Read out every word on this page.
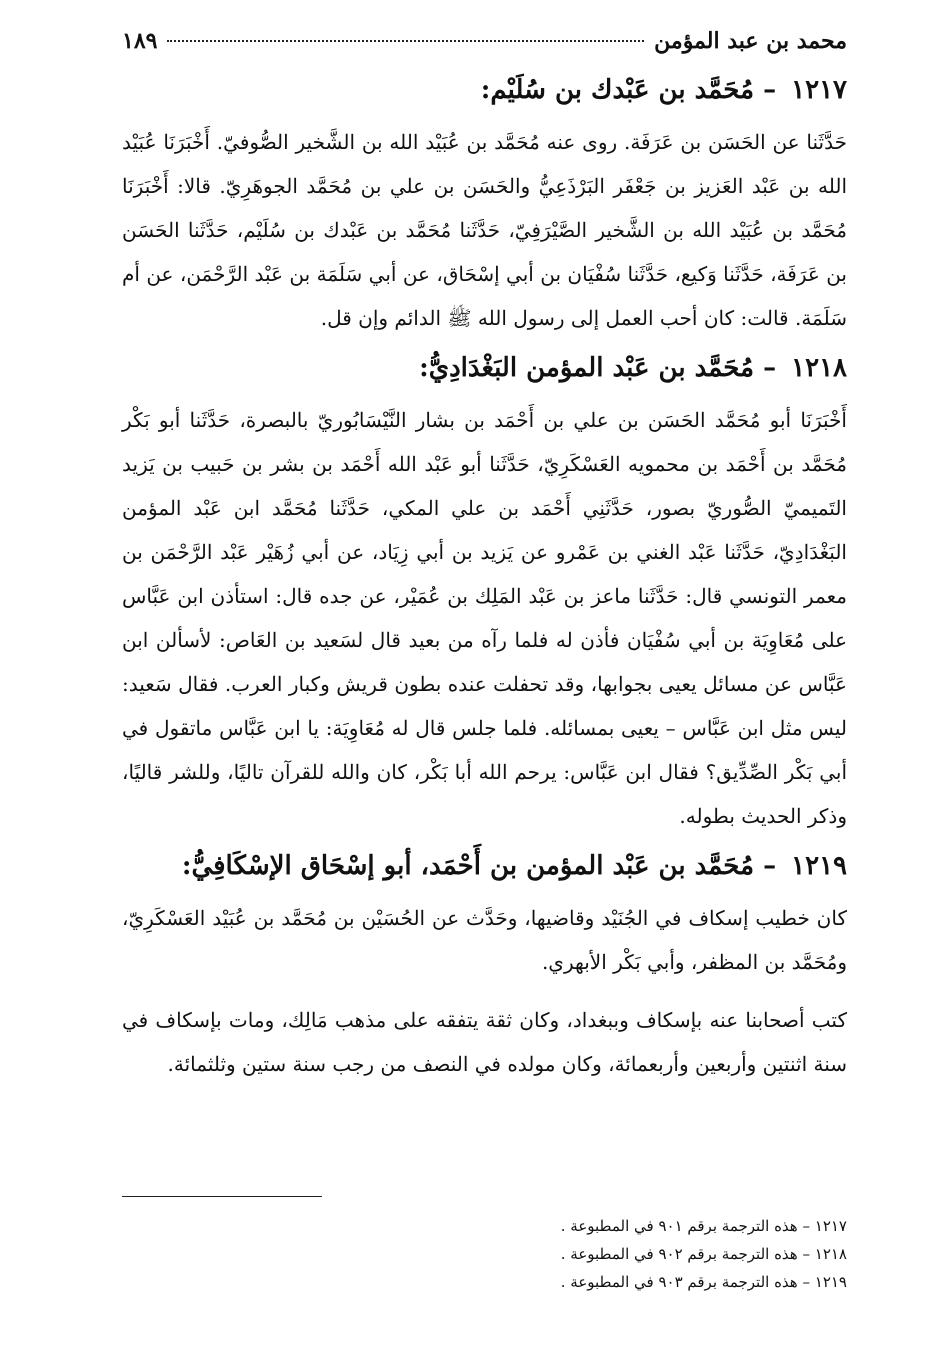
محمد بن عبد المؤمن
١٨٩
١٢١٧ – مُحَمَّد بن عَبْدك بن سُلَيْم:

حَدَّثَنا عن الحَسَن بن عَرَفَة. روى عنه مُحَمَّد بن عُبَيْد الله بن الشَّخير الصُّوفيّ. أَخْبَرَنَا عُبَيْد الله بن عَبْد العَزيز بن جَعْفَر البَرْذَعِيُّ والحَسَن بن علي بن مُحَمَّد الجوهَرِيّ. قالا: أَخْبَرَنَا مُحَمَّد بن عُبَيْد الله بن الشَّخير الصَّيْرَفِيّ، حَدَّثَنا مُحَمَّد بن عَبْدك بن سُلَيْم، حَدَّثَنا الحَسَن بن عَرَفَة، حَدَّثَنا وَكيع، حَدَّثَنا سُفْيَان بن أبي إسْحَاق، عن أبي سَلَمَة بن عَبْد الرَّحْمَن، عن أم سَلَمَة. قالت: كان أحب العمل إلى رسول الله ﷺ الدائم وإن قل.

١٢١٨ – مُحَمَّد بن عَبْد المؤمن البَغْدَادِيُّ:

أَخْبَرَنَا أبو مُحَمَّد الحَسَن بن علي بن أَحْمَد بن بشار النَّيْسَابُوريّ بالبصرة، حَدَّثَنا أبو بَكْر مُحَمَّد بن أَحْمَد بن محمويه العَسْكَرِيّ، حَدَّثَنا أبو عَبْد الله أَحْمَد بن بشر بن حَبيب بن يَزيد التَميميّ الصُّوريّ بصور، حَدَّثَنِي أَحْمَد بن علي المكي، حَدَّثَنا مُحَمَّد ابن عَبْد المؤمن البَغْدَادِيّ، حَدَّثَنا عَبْد الغني بن عَمْرو عن يَزيد بن أبي زِيَاد، عن أبي زُهَيْر عَبْد الرَّحْمَن بن معمر التونسي قال: حَدَّثَنا ماعز بن عَبْد المَلِك بن عُمَيْر، عن جده قال: استأذن ابن عَبَّاس على مُعَاوِيَة بن أبي سُفْيَان فأذن له فلما رآه من بعيد قال لسَعيد بن العَاص: لأسألن ابن عَبَّاس عن مسائل يعيى بجوابها، وقد تحفلت عنده بطون قريش وكبار العرب. فقال سَعيد: ليس مثل ابن عَبَّاس – يعيى بمسائله. فلما جلس قال له مُعَاوِيَة: يا ابن عَبَّاس ماتقول في أبي بَكْر الصِّدِّيق؟ فقال ابن عَبَّاس: يرحم الله أبا بَكْر، كان والله للقرآن تاليًا، وللشر قاليًا، وذكر الحديث بطوله.

١٢١٩ – مُحَمَّد بن عَبْد المؤمن بن أَحْمَد، أبو إسْحَاق الإسْكَافِيُّ:

كان خطيب إسكاف في الجُنَيْد وقاضيها، وحَدَّث عن الحُسَيْن بن مُحَمَّد بن عُبَيْد العَسْكَرِيّ، ومُحَمَّد بن المظفر، وأبي بَكْر الأبهري.

كتب أصحابنا عنه بإسكاف وببغداد، وكان ثقة يتفقه على مذهب مَالِك، ومات بإسكاف في سنة اثنتين وأربعين وأربعمائة، وكان مولده في النصف من رجب سنة ستين وثلثمائة.

١٢١٧ – هذه الترجمة برقم ٩٠١ في المطبوعة .
١٢١٨ – هذه الترجمة برقم ٩٠٢ في المطبوعة .
١٢١٩ – هذه الترجمة برقم ٩٠٣ في المطبوعة .
